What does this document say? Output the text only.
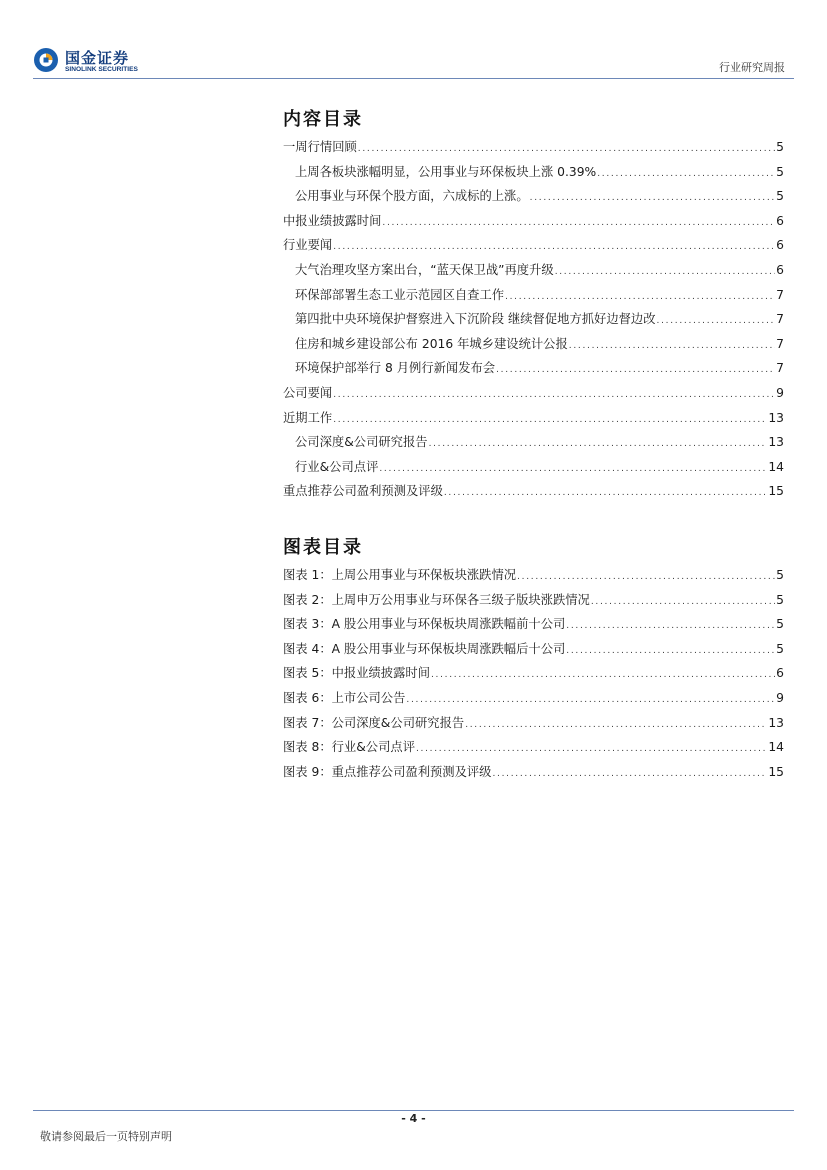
国金证券
SINOLINK SECURITIES	行业研究周报
内容目录
一周行情回顾 .....	5
上周各板块涨幅明显，公用事业与环保板块上涨 0.39% .....	5
公用事业与环保个股方面，六成标的上涨。 .....	5
中报业绩披露时间 .....	6
行业要闻 .....	6
大气治理攻坚方案出台，“蓝天保卫战”再度升级 .....	6
环保部部署生态工业示范园区自查工作 .....	7
第四批中央环境保护督察进入下沉阶段 继续督促地方抓好边督边改 .....	7
住房和城乡建设部公布 2016 年城乡建设统计公报 .....	7
环境保护部举行 8 月例行新闻发布会 .....	7
公司要闻 .....	9
近期工作 .....	13
公司深度&公司研究报告 .....	13
行业&公司点评 .....	14
重点推荐公司盈利预测及评级 .....	15
图表目录
图表 1：上周公用事业与环保板块涨跌情况 .....	5
图表 2：上周申万公用事业与环保各三级子版块涨跌情况 .....	5
图表 3：A 股公用事业与环保板块周涨跌幅前十公司 .....	5
图表 4：A 股公用事业与环保板块周涨跌幅后十公司 .....	5
图表 5：中报业绩披露时间 .....	6
图表 6：上市公司公告 .....	9
图表 7：公司深度&公司研究报告 .....	13
图表 8：行业&公司点评 .....	14
图表 9：重点推荐公司盈利预测及评级 .....	15
- 4 -
敬请参阅最后一页特别声明
